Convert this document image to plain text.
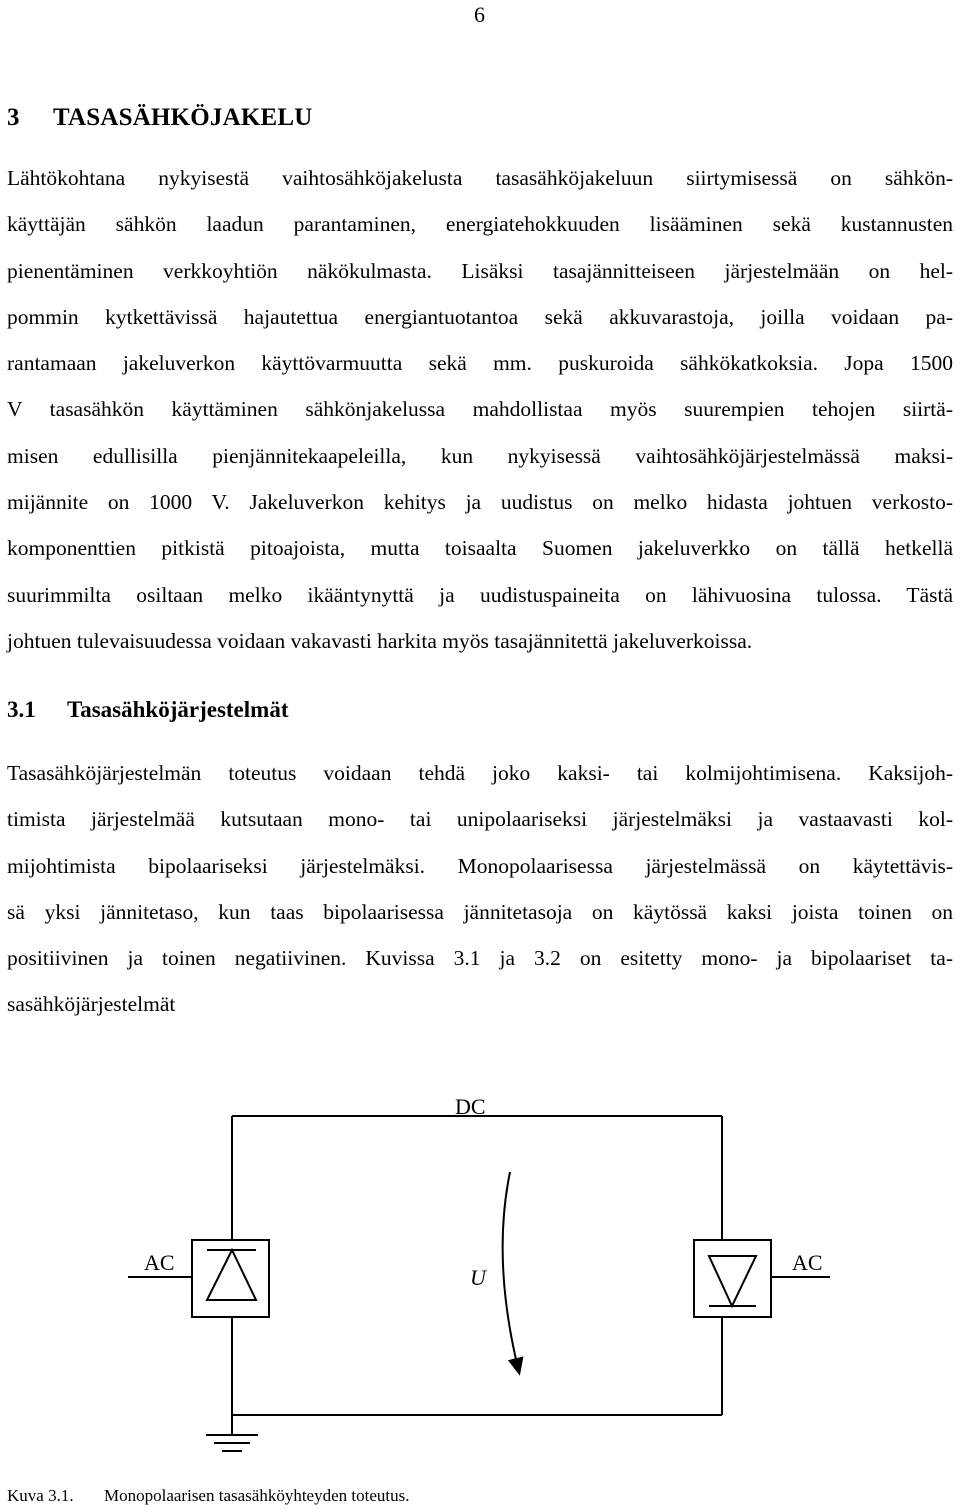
6
3 TASASÄHKÖJAKELU

Lähtökohtana nykyisestä vaihtosähköjakelusta tasasähköjakeluun siirtymisessä on sähkön-
käyttäjän sähkön laadun parantaminen, energiatehokkuuden lisääminen sekä kustannusten
pienentäminen verkkoyhtiön näkökulmasta. Lisäksi tasajännitteiseen järjestelmään on hel-
pommin kytkettävissä hajautettua energiantuotantoa sekä akkuvarastoja, joilla voidaan pa-
rantamaan jakeluverkon käyttövarmuutta sekä mm. puskuroida sähkökatkoksia. Jopa 1500
V tasasähkön käyttäminen sähkönjakelussa mahdollistaa myös suurempien tehojen siirtä-
misen edullisilla pienjännitekaapeleilla, kun nykyisessä vaihtosähköjärjestelmässä maksi-
mijännite on 1000 V. Jakeluverkon kehitys ja uudistus on melko hidasta johtuen verkosto-
komponenttien pitkistä pitoajoista, mutta toisaalta Suomen jakeluverkko on tällä hetkellä
suurimmilta osiltaan melko ikääntynyttä ja uudistuspaineita on lähivuosina tulossa. Tästä
johtuen tulevaisuudessa voidaan vakavasti harkita myös tasajännitettä jakeluverkoissa.

3.1 Tasasähköjärjestelmät

Tasasähköjärjestelmän toteutus voidaan tehdä joko kaksi- tai kolmijohtimisena. Kaksijoh-
timista järjestelmää kutsutaan mono- tai unipolaariseksi järjestelmäksi ja vastaavasti kol-
mijohtimista bipolaariseksi järjestelmäksi. Monopolaarisessa järjestelmässä on käytettävis-
sä yksi jännitetaso, kun taas bipolaarisessa jännitetasoja on käytössä kaksi joista toinen on
positiivinen ja toinen negatiivinen. Kuvissa 3.1 ja 3.2 on esitetty mono- ja bipolaariset ta-
sasähköjärjestelmät

DC
AC	AC
U
Kuva 3.1. Monopolaarisen tasasähköyhteyden toteutus.
